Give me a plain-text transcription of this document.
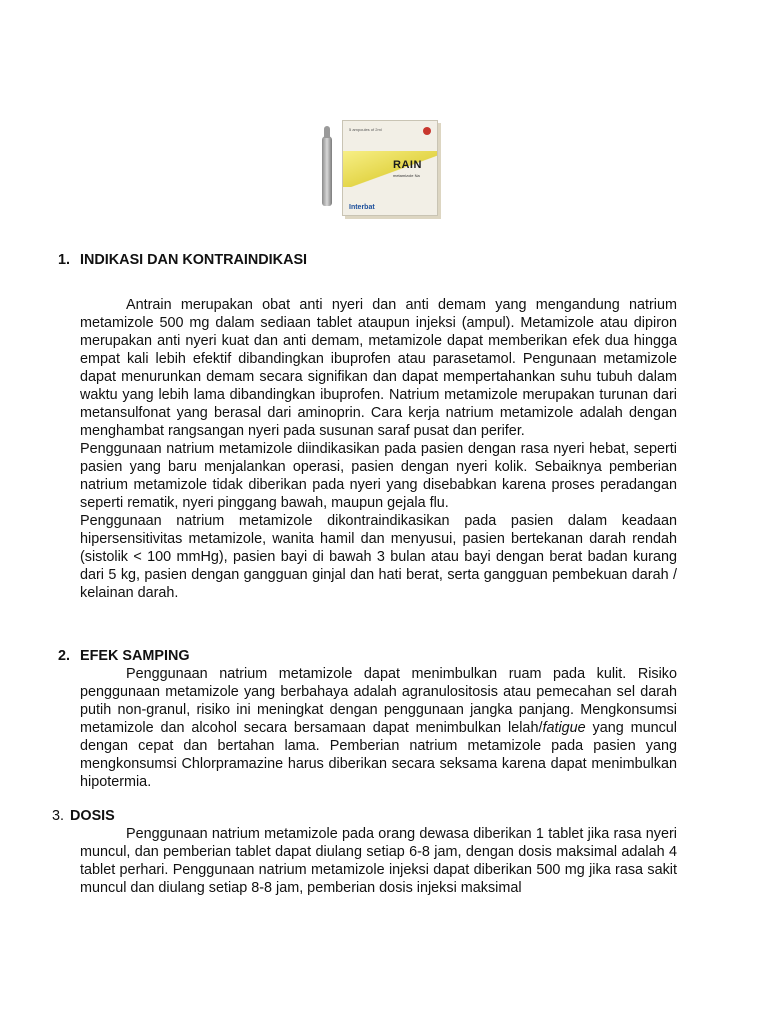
5 ampoules of 2ml
RAIN
metamizole Na
Interbat
1. INDIKASI DAN KONTRAINDIKASI

Antrain merupakan obat anti nyeri dan anti demam yang mengandung natrium metamizole 500 mg dalam sediaan tablet ataupun injeksi (ampul). Metamizole atau dipiron merupakan anti nyeri kuat dan anti demam, metamizole dapat memberikan efek dua hingga empat kali lebih efektif dibandingkan ibuprofen atau parasetamol. Pengunaan metamizole dapat menurunkan demam secara signifikan dan dapat mempertahankan suhu tubuh dalam waktu yang lebih lama dibandingkan ibuprofen. Natrium metamizole merupakan turunan dari metansulfonat yang berasal dari aminoprin. Cara kerja natrium metamizole adalah dengan menghambat rangsangan nyeri pada susunan saraf pusat dan perifer.

Penggunaan natrium metamizole diindikasikan pada pasien dengan rasa nyeri hebat, seperti pasien yang baru menjalankan operasi, pasien dengan nyeri kolik. Sebaiknya pemberian natrium metamizole tidak diberikan pada nyeri yang disebabkan karena proses peradangan seperti rematik, nyeri pinggang bawah, maupun gejala flu.

Penggunaan natrium metamizole dikontraindikasikan pada pasien dalam keadaan hipersensitivitas metamizole, wanita hamil dan menyusui, pasien bertekanan darah rendah (sistolik < 100 mmHg), pasien bayi di bawah 3 bulan atau bayi dengan berat badan kurang dari 5 kg, pasien dengan gangguan ginjal dan hati berat, serta gangguan pembekuan darah / kelainan darah.

2. EFEK SAMPING

Penggunaan natrium metamizole dapat menimbulkan ruam pada kulit. Risiko penggunaan metamizole yang berbahaya adalah agranulositosis atau pemecahan sel darah putih non-granul, risiko ini meningkat dengan penggunaan jangka panjang. Mengkonsumsi metamizole dan alcohol secara bersamaan dapat menimbulkan lelah/fatigue yang muncul dengan cepat dan bertahan lama. Pemberian natrium metamizole pada pasien yang mengkonsumsi Chlorpramazine harus diberikan secara seksama karena dapat menimbulkan hipotermia.

3. DOSIS

Penggunaan natrium metamizole pada orang dewasa diberikan 1 tablet jika rasa nyeri muncul, dan pemberian tablet dapat diulang setiap 6-8 jam, dengan dosis maksimal adalah 4 tablet perhari. Penggunaan natrium metamizole injeksi dapat diberikan 500 mg jika rasa sakit muncul dan diulang setiap 8-8 jam, pemberian dosis injeksi maksimal
